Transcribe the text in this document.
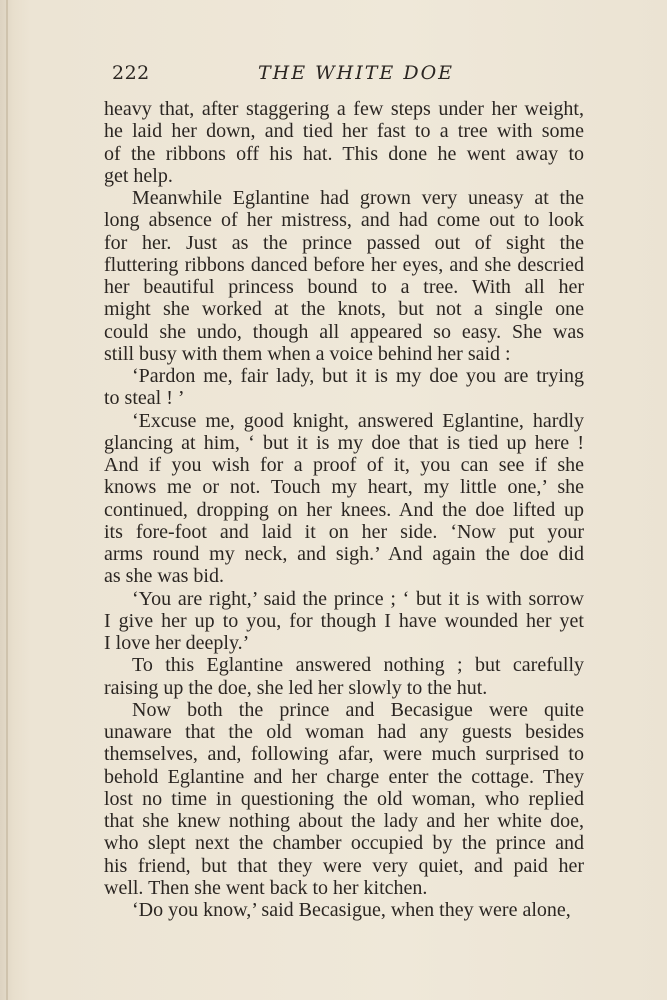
222	THE WHITE DOE

heavy that, after staggering a few steps under her weight,
he laid her down, and tied her fast to a tree with some
of the ribbons off his hat. This done he went away to
get help.

Meanwhile Eglantine had grown very uneasy at the
long absence of her mistress, and had come out to look
for her. Just as the prince passed out of sight the
fluttering ribbons danced before her eyes, and she descried
her beautiful princess bound to a tree. With all her
might she worked at the knots, but not a single one
could she undo, though all appeared so easy. She was
still busy with them when a voice behind her said :

‘Pardon me, fair lady, but it is my doe you are trying
to steal ! ’

‘Excuse me, good knight, answered Eglantine, hardly
glancing at him, ‘ but it is my doe that is tied up here !
And if you wish for a proof of it, you can see if she
knows me or not. Touch my heart, my little one,’ she
continued, dropping on her knees. And the doe lifted up
its fore-foot and laid it on her side. ‘Now put your
arms round my neck, and sigh.’ And again the doe did
as she was bid.

‘You are right,’ said the prince ; ‘ but it is with sorrow
I give her up to you, for though I have wounded her yet
I love her deeply.’

To this Eglantine answered nothing ; but carefully
raising up the doe, she led her slowly to the hut.

Now both the prince and Becasigue were quite
unaware that the old woman had any guests besides
themselves, and, following afar, were much surprised to
behold Eglantine and her charge enter the cottage. They
lost no time in questioning the old woman, who replied
that she knew nothing about the lady and her white doe,
who slept next the chamber occupied by the prince and
his friend, but that they were very quiet, and paid her
well. Then she went back to her kitchen.

‘Do you know,’ said Becasigue, when they were alone,
